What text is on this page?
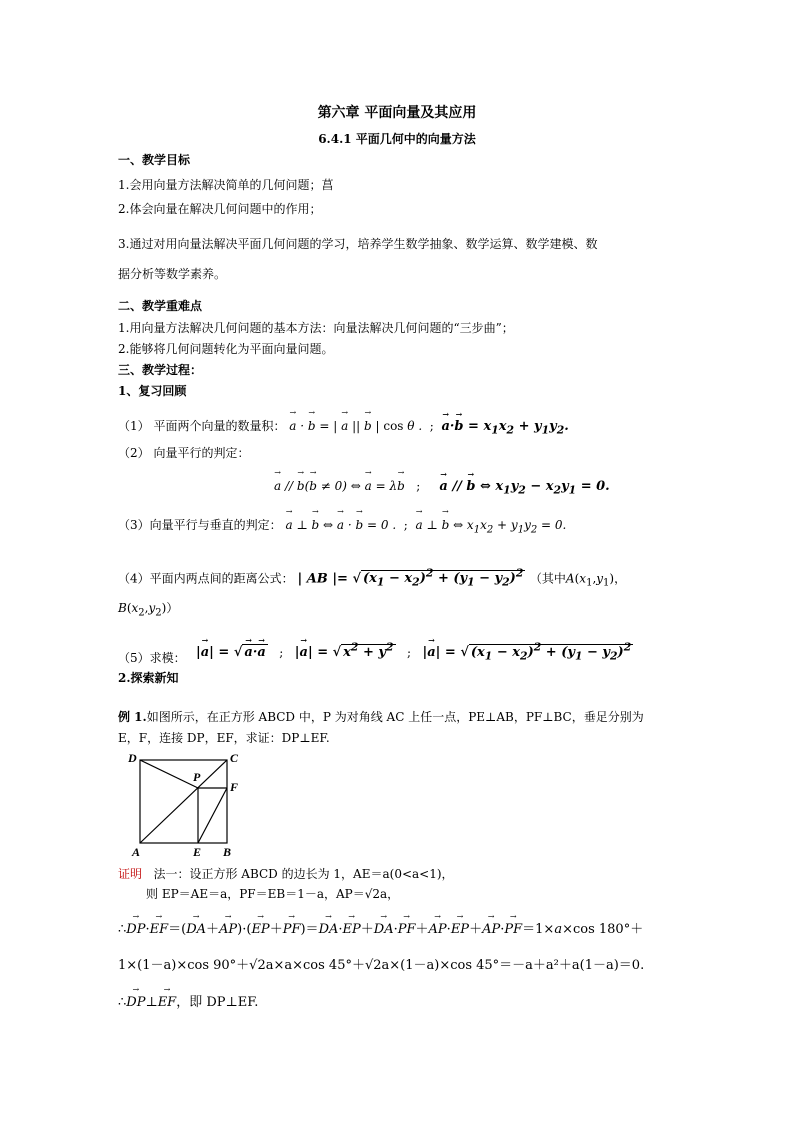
第六章 平面向量及其应用
6.4.1 平面几何中的向量方法
一、教学目标
1.会用向量方法解决简单的几何问题；菖
2.体会向量在解决几何问题中的作用；
3.通过对用向量法解决平面几何问题的学习，培养学生数学抽象、数学运算、数学建模、数
据分析等数学素养。
二、教学重难点
1.用向量方法解决几何问题的基本方法：向量法解决几何问题的“三步曲”；
2.能够将几何问题转化为平面向量问题。
三、教学过程：
1、复习回顾
（1） 平面两个向量的数量积： → a · → b = | → a || → b | cos θ .  ;  → $a\cdot\to b = x_1x_2 + y_1y_2$.
（2） 向量平行的判定：
→ a // → b(→ b ≠ 0) ⇔ → a = λ→ b   ;     → a // → b ⇔ $x_1y_2 - x_2y_1 = 0$.
（3）向量平行与垂直的判定： → a ⊥ → b ⇔ → a · → b = 0 .  ;  → a ⊥ → b ⇔ $x_1x_2 + y_1y_2 = 0$.
（4）平面内两点间的距离公式： | AB |= √ $(x_1 - x_2)^2 + (y_1 - y_2)^2$ （其中$A(x_1,y_1)$，
$B(x_2,y_2)$）
（5）求模： |→ a| = √ → a·→ a   ;   |→ a| = √ $x^2 + y^2$   ;   |→ a| = √ $(x_1 - x_2)^2 + (y_1 - y_2)^2$
2.探索新知
例 1.如图所示，在正方形 ABCD 中，P 为对角线 AC 上任一点，PE⊥AB，PF⊥BC，垂足分别为
E，F，连接 DP，EF，求证：DP⊥EF.
D	C
P
F
A	E B
证明 法一：设正方形 ABCD 的边长为 1，AE＝a(0<a<1)，
则 EP＝AE＝a，PF＝EB＝1－a，AP＝√2a，
∴→ DP·→ EF＝(→ DA＋→ AP)·(→ EP＋→ PF)＝→ DA·→ EP＋→ DA·→ PF＋→ AP·→ EP＋→ AP·→ PF＝1×a×cos 180°＋
1×(1－a)×cos 90°＋√2a×a×cos 45°＋√2a×(1－a)×cos 45°＝－a＋a²＋a(1－a)＝0.
∴→ DP⊥→ EF，即 DP⊥EF.
